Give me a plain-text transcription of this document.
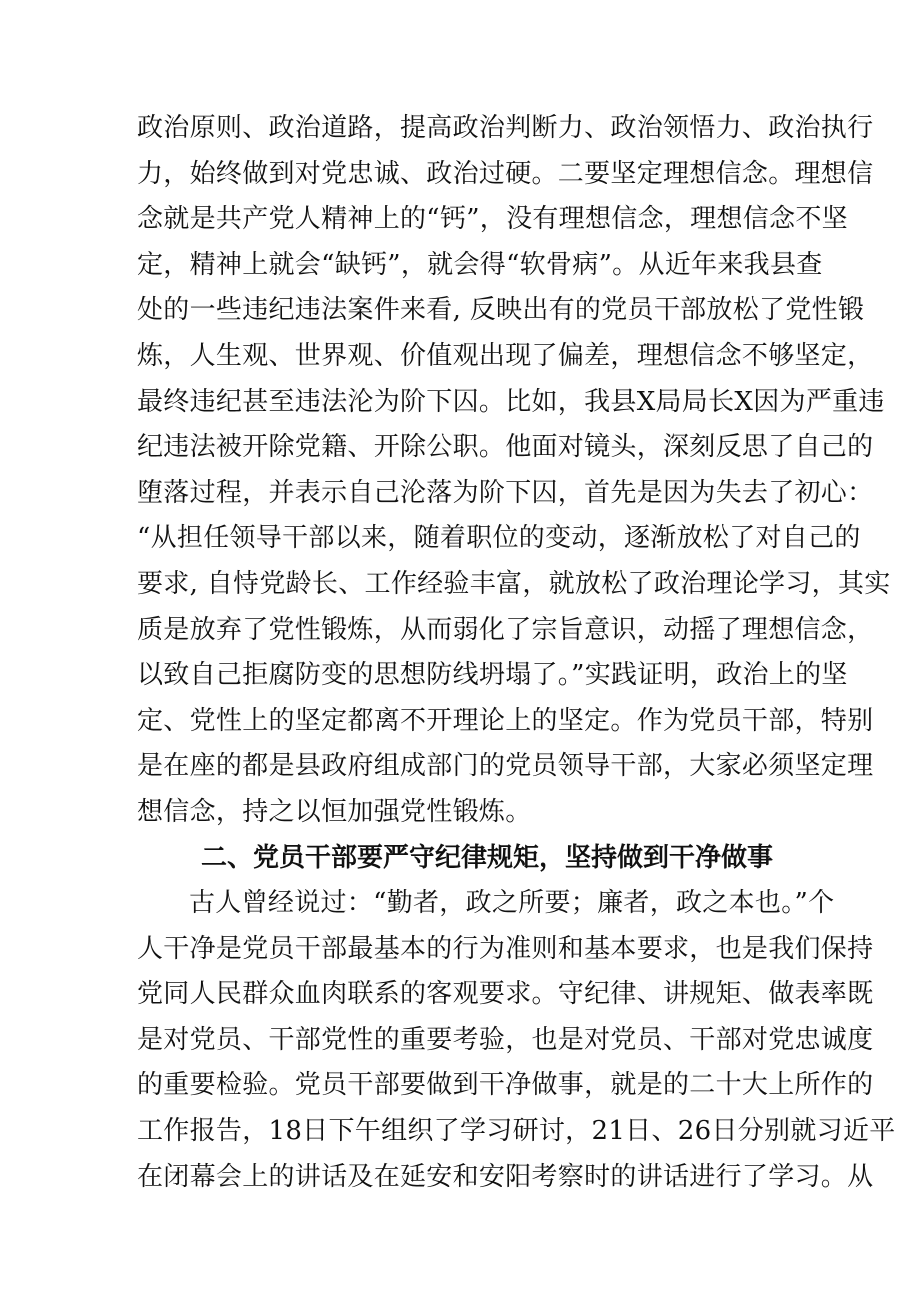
政治原则、政治道路，提高政治判断力、政治领悟力、政治执行
力，始终做到对党忠诚、政治过硬。二要坚定理想信念。理想信
念就是共产党人精神上的“钙”，没有理想信念，理想信念不坚
定，精神上就会“缺钙”，就会得“软骨病”。从近年来我县查
处的一些违纪违法案件来看, 反映出有的党员干部放松了党性锻
炼，人生观、世界观、价值观出现了偏差，理想信念不够坚定，
最终违纪甚至违法沦为阶下囚。比如，我县X局局长X因为严重违
纪违法被开除党籍、开除公职。他面对镜头，深刻反思了自己的
堕落过程，并表示自己沦落为阶下囚，首先是因为失去了初心：
“从担任领导干部以来，随着职位的变动，逐渐放松了对自己的
要求, 自恃党龄长、工作经验丰富，就放松了政治理论学习，其实
质是放弃了党性锻炼，从而弱化了宗旨意识，动摇了理想信念，
以致自己拒腐防变的思想防线坍塌了。”实践证明，政治上的坚
定、党性上的坚定都离不开理论上的坚定。作为党员干部，特别
是在座的都是县政府组成部门的党员领导干部，大家必须坚定理
想信念，持之以恒加强党性锻炼。
二、党员干部要严守纪律规矩，坚持做到干净做事
古人曾经说过：“勤者，政之所要；廉者，政之本也。”个
人干净是党员干部最基本的行为准则和基本要求，也是我们保持
党同人民群众血肉联系的客观要求。守纪律、讲规矩、做表率既
是对党员、干部党性的重要考验，也是对党员、干部对党忠诚度
的重要检验。党员干部要做到干净做事，就是的二十大上所作的
工作报告，18日下午组织了学习研讨，21日、26日分别就习近平
在闭幕会上的讲话及在延安和安阳考察时的讲话进行了学习。从
